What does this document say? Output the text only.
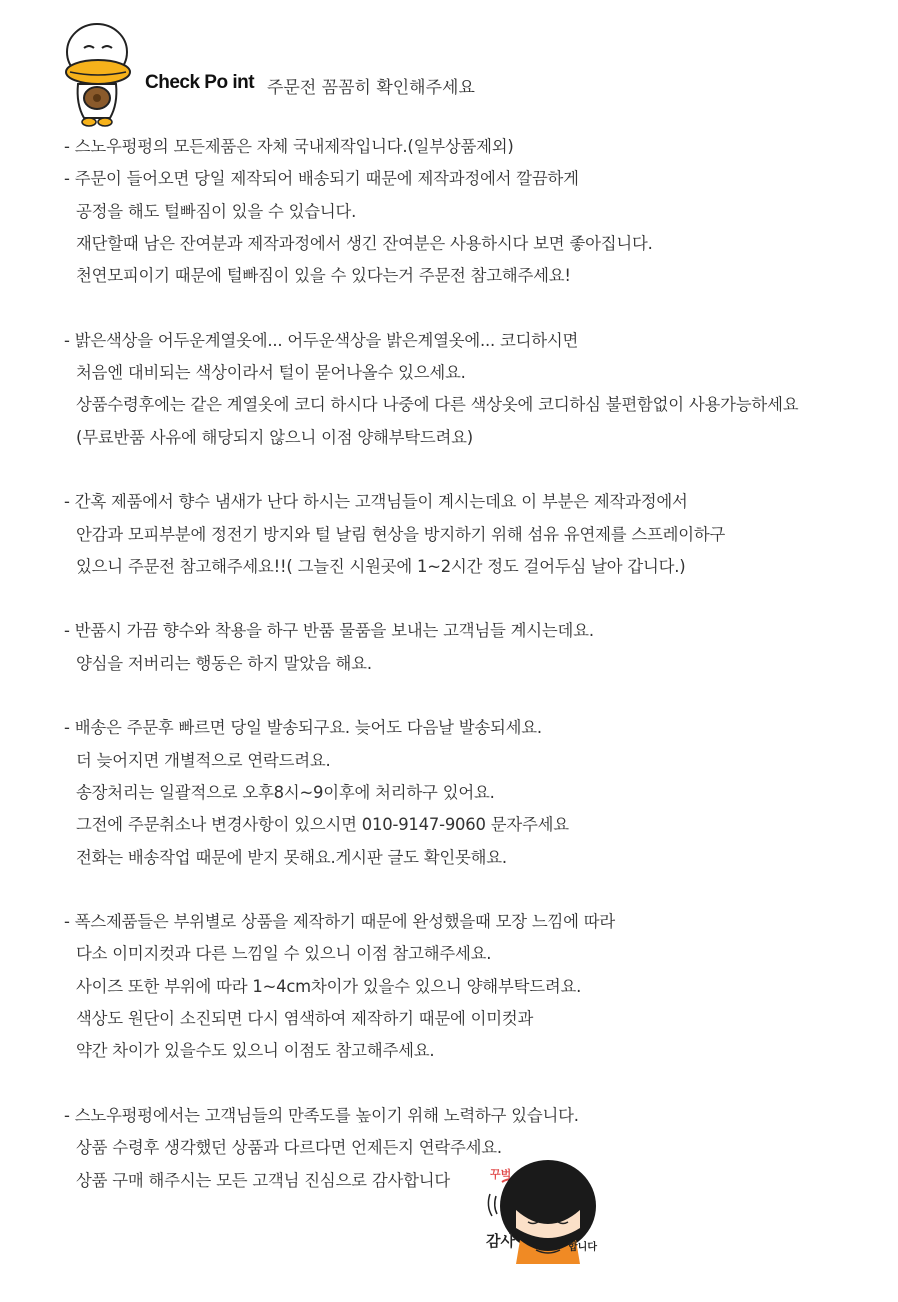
Check Po int 주문전 꼼꼼히 확인해주세요
- 스노우펑펑의 모든제품은 자체 국내제작입니다.(일부상품제외)
- 주문이 들어오면 당일 제작되어 배송되기 때문에 제작과정에서 깔끔하게
공정을 해도 털빠짐이 있을 수 있습니다.
재단할때 남은 잔여분과 제작과정에서 생긴 잔여분은 사용하시다 보면 좋아집니다.
천연모피이기 때문에 털빠짐이 있을 수 있다는거 주문전 참고해주세요!
- 밝은색상을 어두운계열옷에... 어두운색상을 밝은계열옷에... 코디하시면
처음엔 대비되는 색상이라서 털이 묻어나올수 있으세요.
상품수령후에는 같은 계열옷에 코디 하시다 나중에 다른 색상옷에 코디하심 불편함없이 사용가능하세요
(무료반품 사유에 해당되지 않으니 이점 양해부탁드려요)
- 간혹 제품에서 향수 냄새가 난다 하시는 고객님들이 계시는데요 이 부분은 제작과정에서
안감과 모피부분에 정전기 방지와 털 날림 현상을 방지하기 위해 섬유 유연제를 스프레이하구
있으니 주문전 참고해주세요!!( 그늘진 시원곳에 1~2시간 정도 걸어두심 날아 갑니다.)
- 반품시 가끔 향수와 착용을 하구 반품 물품을 보내는 고객님들 계시는데요.
양심을 저버리는 행동은 하지 말았음 해요.
- 배송은 주문후 빠르면 당일 발송되구요. 늦어도 다음날 발송되세요.
더 늦어지면 개별적으로 연락드려요.
송장처리는 일괄적으로 오후8시~9이후에 처리하구 있어요.
그전에 주문취소나 변경사항이 있으시면 010-9147-9060 문자주세요
전화는 배송작업 때문에 받지 못해요.게시판 글도 확인못해요.
- 폭스제품들은 부위별로 상품을 제작하기 때문에 완성했을때 모장 느낌에 따라
다소 이미지컷과 다른 느낌일 수 있으니 이점 참고해주세요.
사이즈 또한 부위에 따라 1~4cm차이가 있을수 있으니 양해부탁드려요.
색상도 원단이 소진되면 다시 염색하여 제작하기 때문에 이미컷과
약간 차이가 있을수도 있으니 이점도 참고해주세요.
- 스노우펑펑에서는 고객님들의 만족도를 높이기 위해 노력하구 있습니다.
상품 수령후 생각했던 상품과 다르다면 언제든지 연락주세요.
상품 구매 해주시는 모든 고객님 진심으로 감사합니다	꾸벅
감사	합니다
